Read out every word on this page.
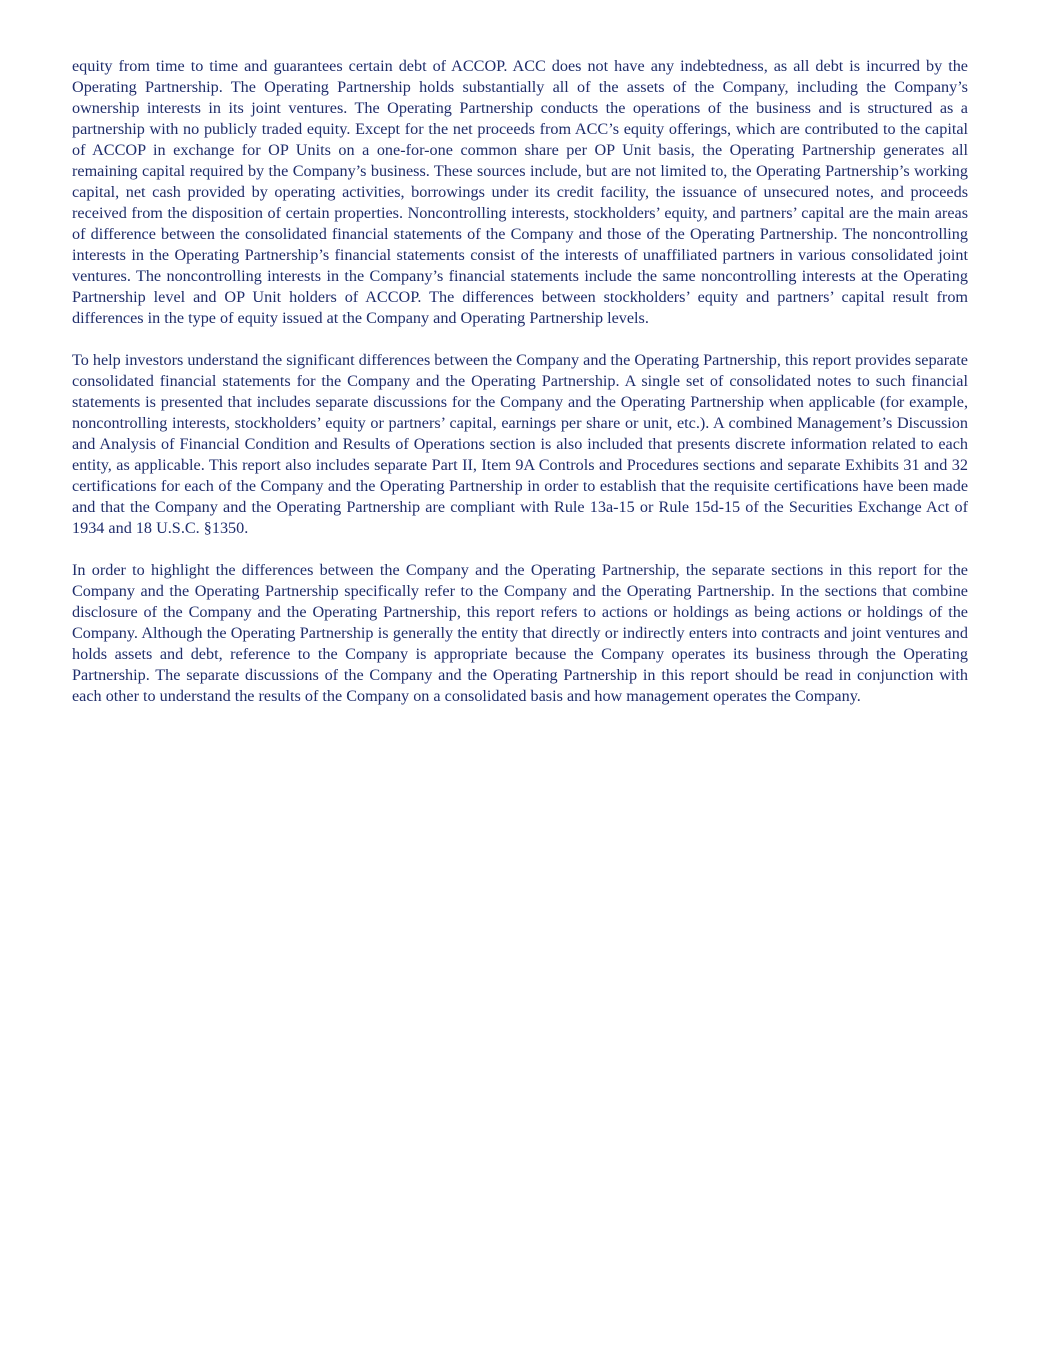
equity from time to time and guarantees certain debt of ACCOP. ACC does not have any indebtedness, as all debt is incurred by the Operating Partnership. The Operating Partnership holds substantially all of the assets of the Company, including the Company’s ownership interests in its joint ventures. The Operating Partnership conducts the operations of the business and is structured as a partnership with no publicly traded equity. Except for the net proceeds from ACC’s equity offerings, which are contributed to the capital of ACCOP in exchange for OP Units on a one-for-one common share per OP Unit basis, the Operating Partnership generates all remaining capital required by the Company’s business. These sources include, but are not limited to, the Operating Partnership’s working capital, net cash provided by operating activities, borrowings under its credit facility, the issuance of unsecured notes, and proceeds received from the disposition of certain properties. Noncontrolling interests, stockholders’ equity, and partners’ capital are the main areas of difference between the consolidated financial statements of the Company and those of the Operating Partnership. The noncontrolling interests in the Operating Partnership’s financial statements consist of the interests of unaffiliated partners in various consolidated joint ventures. The noncontrolling interests in the Company’s financial statements include the same noncontrolling interests at the Operating Partnership level and OP Unit holders of ACCOP. The differences between stockholders’ equity and partners’ capital result from differences in the type of equity issued at the Company and Operating Partnership levels.

To help investors understand the significant differences between the Company and the Operating Partnership, this report provides separate consolidated financial statements for the Company and the Operating Partnership. A single set of consolidated notes to such financial statements is presented that includes separate discussions for the Company and the Operating Partnership when applicable (for example, noncontrolling interests, stockholders’ equity or partners’ capital, earnings per share or unit, etc.). A combined Management’s Discussion and Analysis of Financial Condition and Results of Operations section is also included that presents discrete information related to each entity, as applicable. This report also includes separate Part II, Item 9A Controls and Procedures sections and separate Exhibits 31 and 32 certifications for each of the Company and the Operating Partnership in order to establish that the requisite certifications have been made and that the Company and the Operating Partnership are compliant with Rule 13a-15 or Rule 15d-15 of the Securities Exchange Act of 1934 and 18 U.S.C. §1350.

In order to highlight the differences between the Company and the Operating Partnership, the separate sections in this report for the Company and the Operating Partnership specifically refer to the Company and the Operating Partnership. In the sections that combine disclosure of the Company and the Operating Partnership, this report refers to actions or holdings as being actions or holdings of the Company. Although the Operating Partnership is generally the entity that directly or indirectly enters into contracts and joint ventures and holds assets and debt, reference to the Company is appropriate because the Company operates its business through the Operating Partnership. The separate discussions of the Company and the Operating Partnership in this report should be read in conjunction with each other to understand the results of the Company on a consolidated basis and how management operates the Company.
